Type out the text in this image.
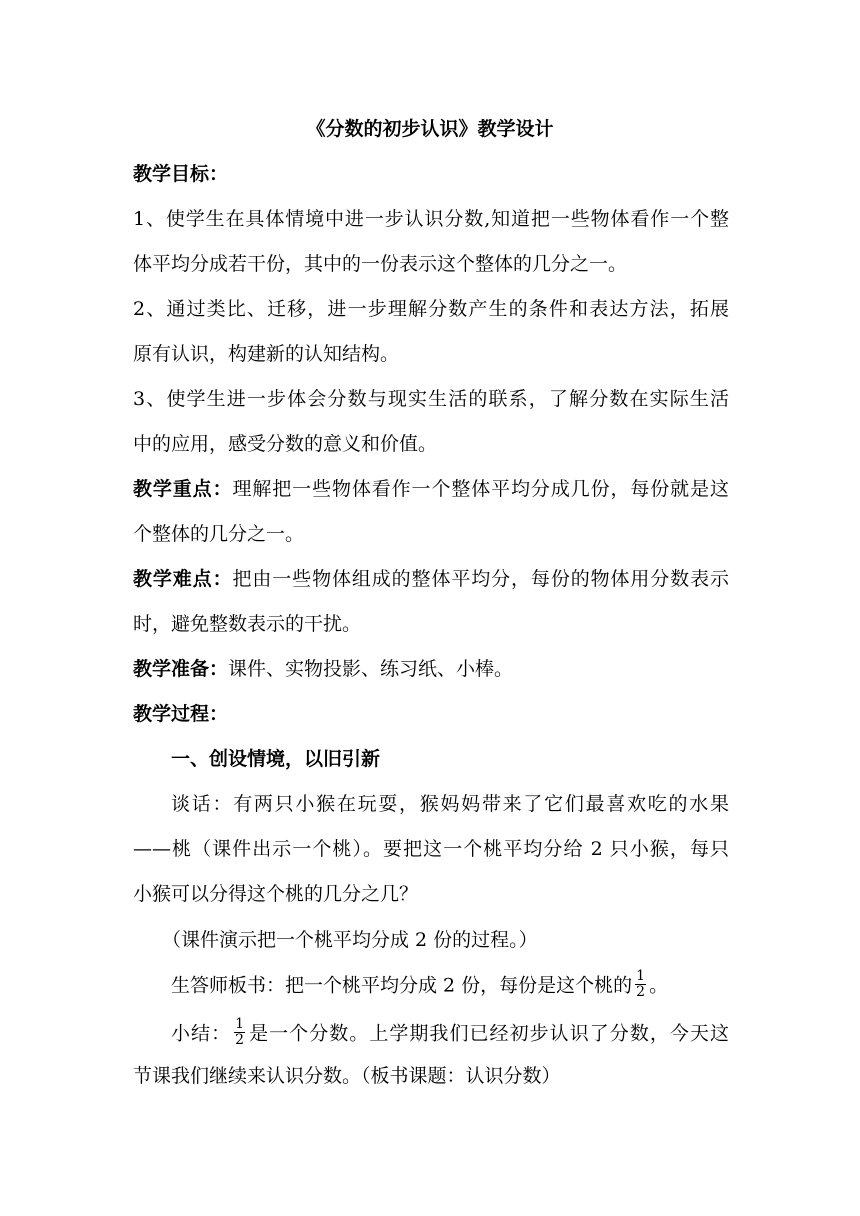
《分数的初步认识》教学设计
教学目标：
1、使学生在具体情境中进一步认识分数,知道把一些物体看作一个整
体平均分成若干份，其中的一份表示这个整体的几分之一。
2、通过类比、迁移，进一步理解分数产生的条件和表达方法，拓展
原有认识，构建新的认知结构。
3、使学生进一步体会分数与现实生活的联系，了解分数在实际生活
中的应用，感受分数的意义和价值。
教学重点：理解把一些物体看作一个整体平均分成几份，每份就是这
个整体的几分之一。
教学难点：把由一些物体组成的整体平均分，每份的物体用分数表示
时，避免整数表示的干扰。
教学准备：课件、实物投影、练习纸、小棒。
教学过程：
一、创设情境，以旧引新
谈话：有两只小猴在玩耍，猴妈妈带来了它们最喜欢吃的水果
——桃（课件出示一个桃）。要把这一个桃平均分给 2 只小猴，每只
小猴可以分得这个桃的几分之几？
（课件演示把一个桃平均分成 2 份的过程。）
生答师板书：把一个桃平均分成 2 份，每份是这个桃的 $\frac{1}{2}$ 。
小结： $\frac{1}{2}$ 是一个分数。上学期我们已经初步认识了分数，今天这
节课我们继续来认识分数。（板书课题：认识分数）
